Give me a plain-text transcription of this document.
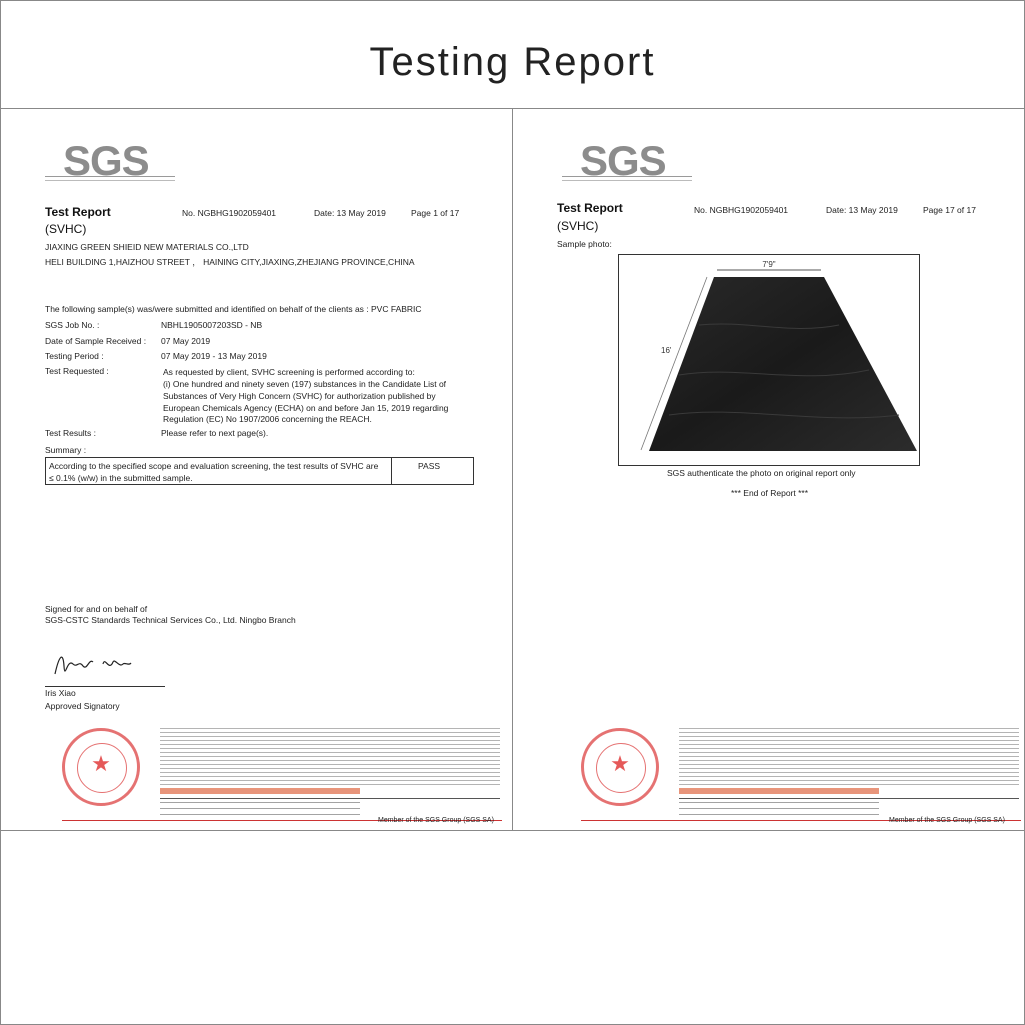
Testing Report
SGS
Test Report
(SVHC)
No. NGBHG1902059401	Date: 13 May 2019	Page 1 of 17
JIAXING GREEN SHIEID NEW MATERIALS CO.,LTD
HELI BUILDING 1,HAIZHOU STREET ， HAINING CITY,JIAXING,ZHEJIANG PROVINCE,CHINA
The following sample(s) was/were submitted and identified on behalf of the clients as : PVC FABRIC
SGS Job No. :	NBHL1905007203SD - NB
Date of Sample Received : 07 May 2019
Testing Period :	07 May 2019 - 13 May 2019
Test Requested :	As requested by client, SVHC screening is performed according to:
(i) One hundred and ninety seven (197) substances in the Candidate List of
Substances of Very High Concern (SVHC) for authorization published by
European Chemicals Agency (ECHA) on and before Jan 15, 2019 regarding
Regulation (EC) No 1907/2006 concerning the REACH.
Test Results :	Please refer to next page(s).
Summary :
According to the specified scope and evaluation screening, the test results of SVHC are
≤ 0.1% (w/w) in the submitted sample.
PASS
Signed for and on behalf of
SGS-CSTC Standards Technical Services Co., Ltd. Ningbo Branch
Iris Xiao
Approved Signatory
★
Member of the SGS Group (SGS SA)
SGS
Test Report
(SVHC)
No. NGBHG1902059401	Date: 13 May 2019	Page 17 of 17
Sample photo:
7'9"
16'
SGS authenticate the photo on original report only
*** End of Report ***
★
Member of the SGS Group (SGS SA)
